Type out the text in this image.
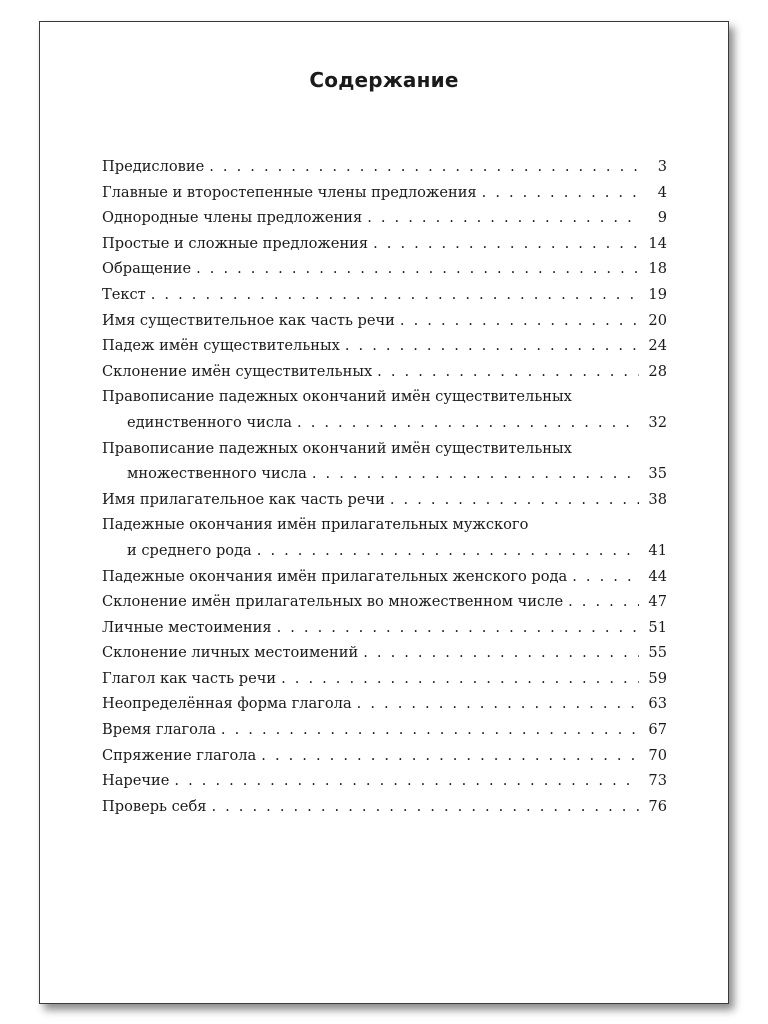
Содержание
Предисловие . . .	3
Главные и второстепенные члены предложения . . .	4
Однородные члены предложения . . .	9
Простые и сложные предложения . . .	14
Обращение . . .	18
Текст . . .	19
Имя существительное как часть речи . . .	20
Падеж имён существительных . . .	24
Склонение имён существительных . . .	28
Правописание падежных окончаний имён существительных
единственного числа . . .	32
Правописание падежных окончаний имён существительных
множественного числа . . .	35
Имя прилагательное как часть речи . . .	38
Падежные окончания имён прилагательных мужского
и среднего рода . . .	41
Падежные окончания имён прилагательных женского рода . . .	44
Склонение имён прилагательных во множественном числе . . .	47
Личные местоимения . . .	51
Склонение личных местоимений . . .	55
Глагол как часть речи . . .	59
Неопределённая форма глагола . . .	63
Время глагола . . .	67
Спряжение глагола . . .	70
Наречие . . .	73
Проверь себя . . .	76
